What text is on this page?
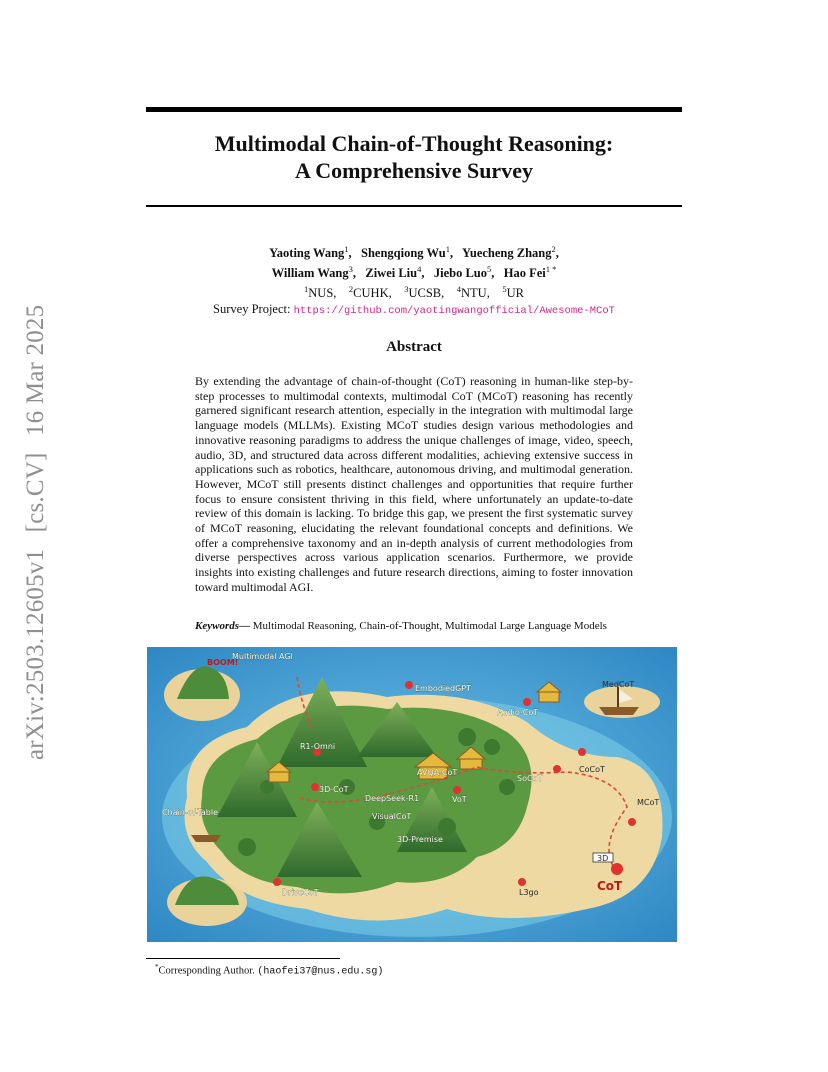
arXiv:2503.12605v1 [cs.CV] 16 Mar 2025
Multimodal Chain-of-Thought Reasoning:
A Comprehensive Survey
Yaoting Wang$^1$,   Shengqiong Wu$^1$,   Yuecheng Zhang$^2$,
William Wang$^3$,   Ziwei Liu$^4$,   Jiebo Luo$^5$,   Hao Fei$^{1 *}$
$^1$NUS,    $^2$CUHK,    $^3$UCSB,    $^4$NTU,    $^5$UR
Survey Project: https://github.com/yaotingwangofficial/Awesome-MCoT
Abstract
By extending the advantage of chain-of-thought (CoT) reasoning in human-like step-by-step processes to multimodal contexts, multimodal CoT (MCoT) reasoning has recently garnered significant research attention, especially in the integration with multimodal large language models (MLLMs). Existing MCoT studies design various methodologies and innovative reasoning paradigms to address the unique challenges of image, video, speech, audio, 3D, and structured data across different modalities, achieving extensive success in applications such as robotics, healthcare, autonomous driving, and multimodal generation. However, MCoT still presents distinct challenges and opportunities that require further focus to ensure consistent thriving in this field, where unfortunately an update-to-date review of this domain is lacking. To bridge this gap, we present the first systematic survey of MCoT reasoning, elucidating the relevant foundational concepts and definitions. We offer a comprehensive taxonomy and an in-depth analysis of current methodologies from diverse perspectives across various application scenarios. Furthermore, we provide insights into existing challenges and future research directions, aiming to foster innovation toward multimodal AGI.
Keywords— Multimodal Reasoning, Chain-of-Thought, Multimodal Large Language Models
3D
BOOM!
Multimodal AGI
EmbodiedGPT	MedCoT
Audio-CoT
R1-Omni
AVQA-CoT
SoCoT
CoCoT
3D-CoT
DeepSeek-R1	VoT	MCoT
Chain-of-Table	VisualCoT
3D-Premise
DriveCoT	L3go	CoT
*Corresponding Author. (haofei37@nus.edu.sg)
